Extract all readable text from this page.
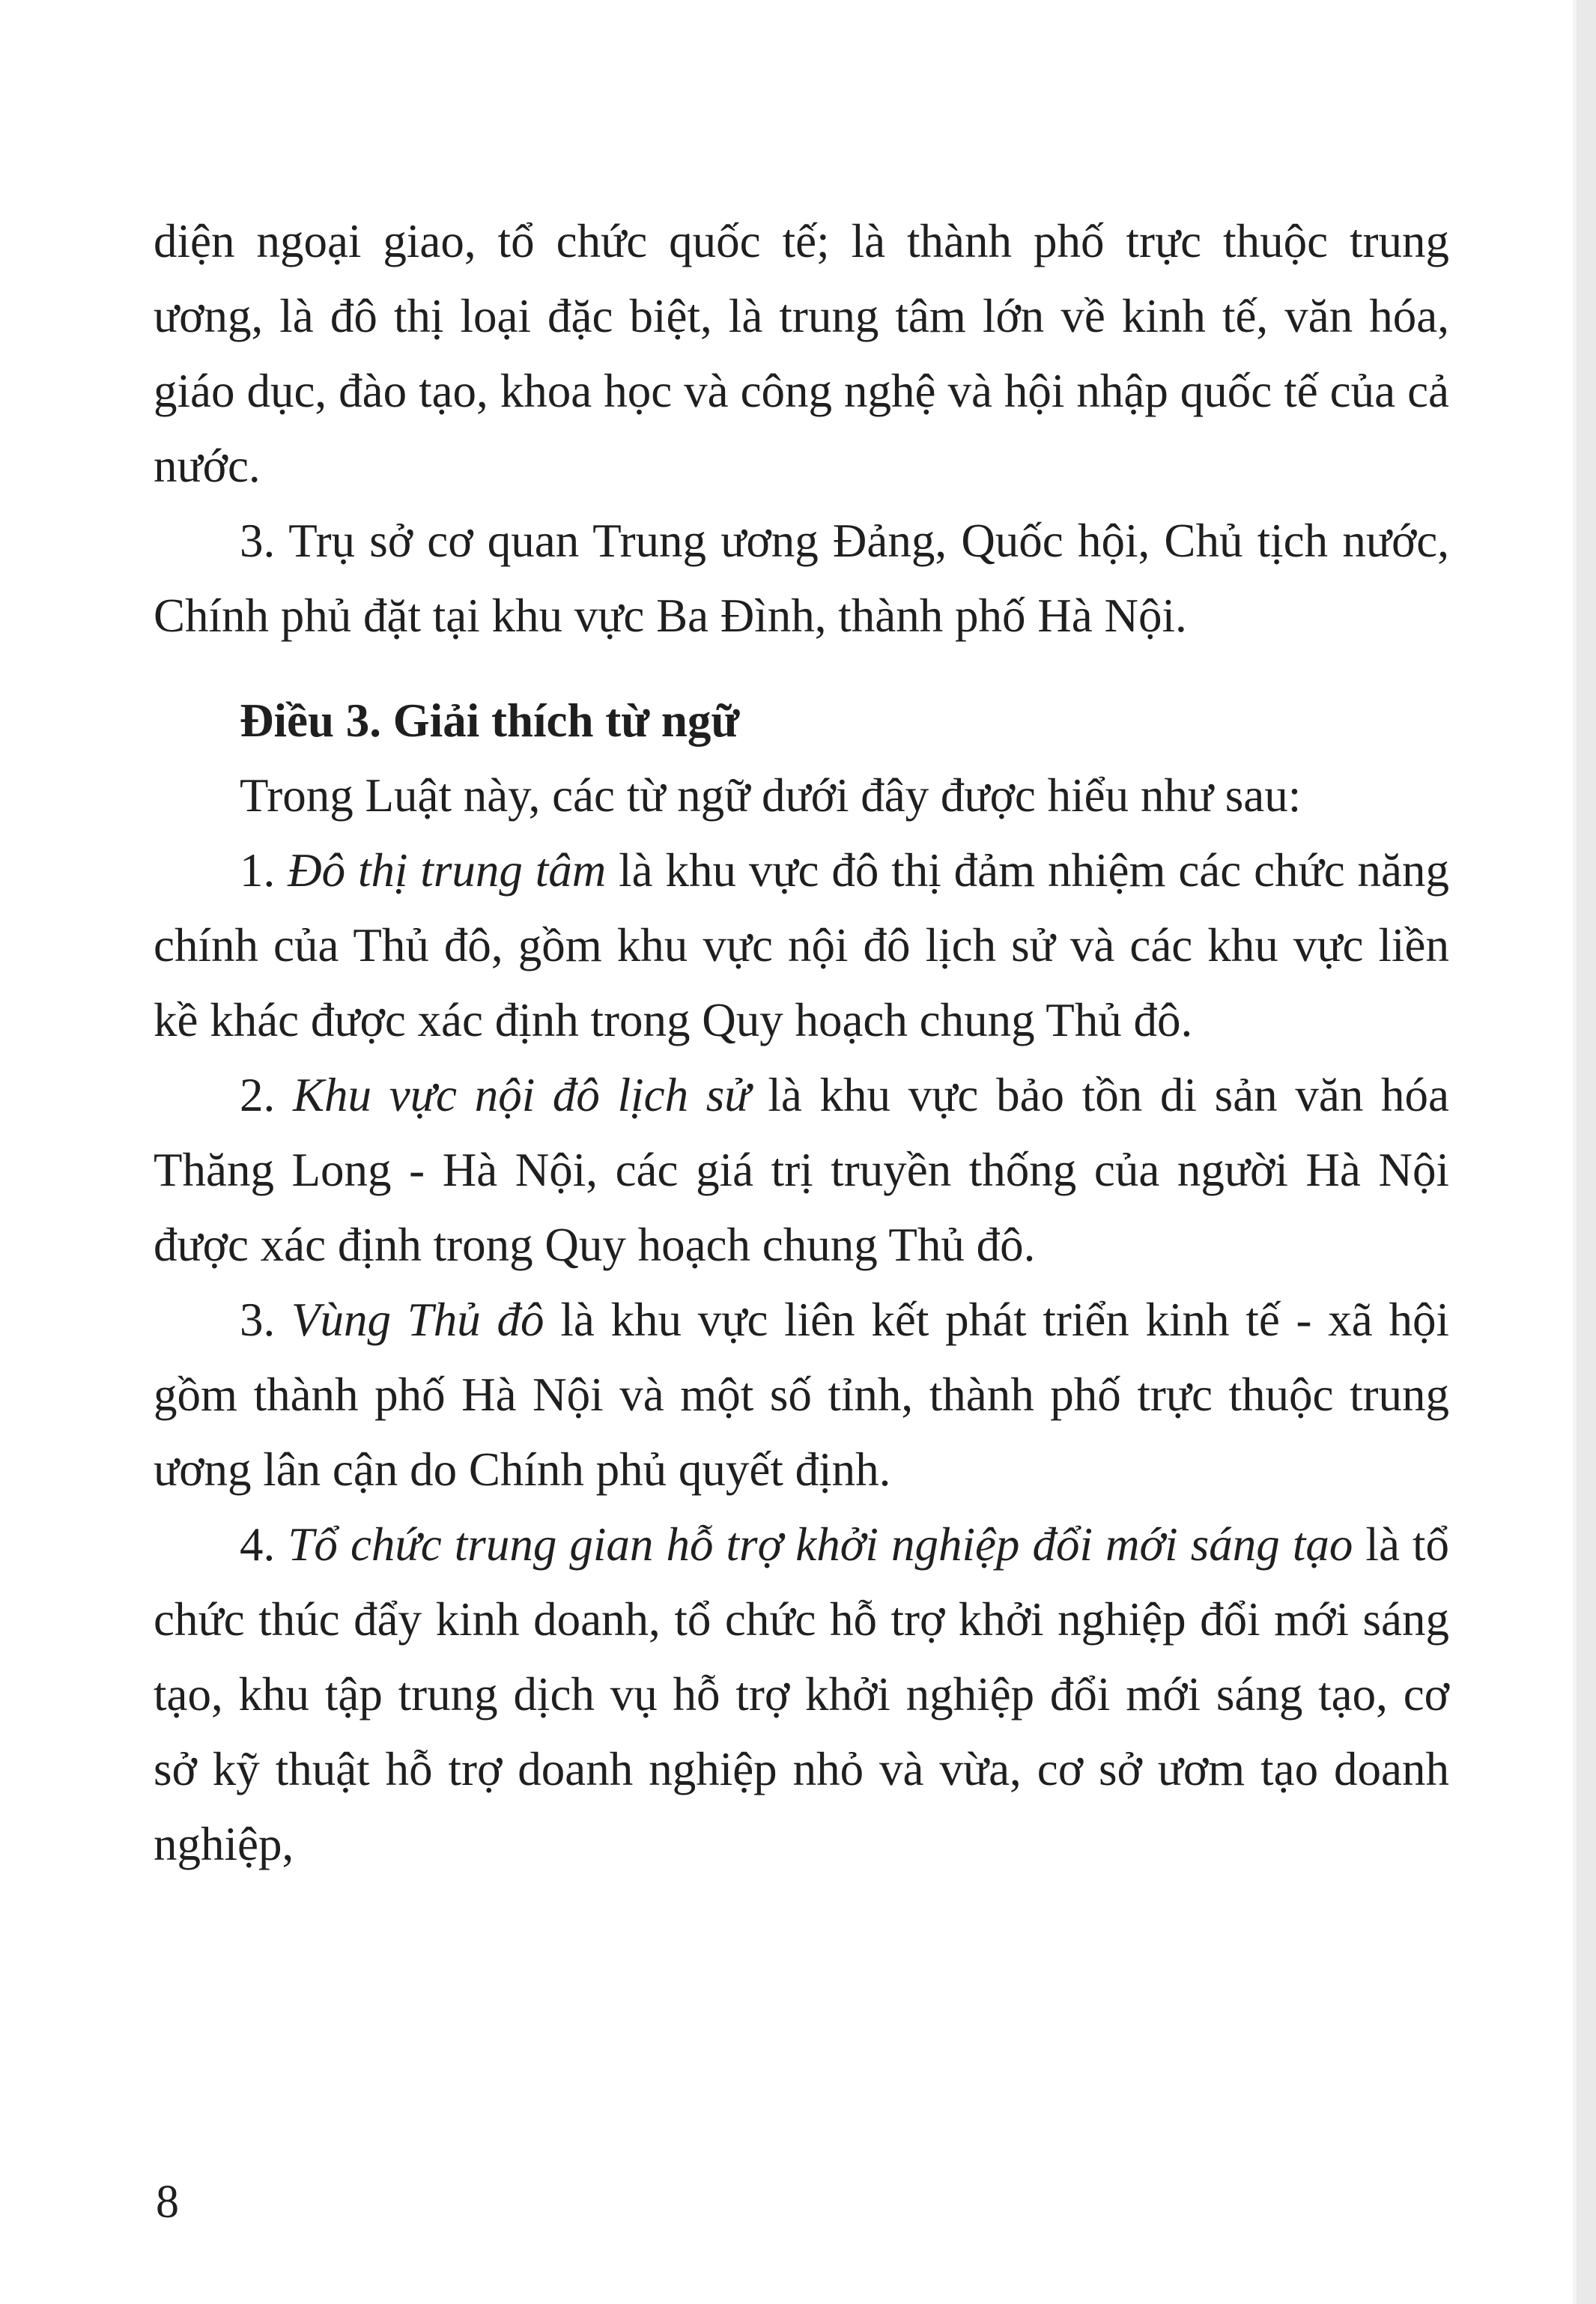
diện ngoại giao, tổ chức quốc tế; là thành phố trực thuộc trung ương, là đô thị loại đặc biệt, là trung tâm lớn về kinh tế, văn hóa, giáo dục, đào tạo, khoa học và công nghệ và hội nhập quốc tế của cả nước.

3. Trụ sở cơ quan Trung ương Đảng, Quốc hội, Chủ tịch nước, Chính phủ đặt tại khu vực Ba Đình, thành phố Hà Nội.

Điều 3. Giải thích từ ngữ

Trong Luật này, các từ ngữ dưới đây được hiểu như sau:

1. Đô thị trung tâm là khu vực đô thị đảm nhiệm các chức năng chính của Thủ đô, gồm khu vực nội đô lịch sử và các khu vực liền kề khác được xác định trong Quy hoạch chung Thủ đô.

2. Khu vực nội đô lịch sử là khu vực bảo tồn di sản văn hóa Thăng Long - Hà Nội, các giá trị truyền thống của người Hà Nội được xác định trong Quy hoạch chung Thủ đô.

3. Vùng Thủ đô là khu vực liên kết phát triển kinh tế - xã hội gồm thành phố Hà Nội và một số tỉnh, thành phố trực thuộc trung ương lân cận do Chính phủ quyết định.

4. Tổ chức trung gian hỗ trợ khởi nghiệp đổi mới sáng tạo là tổ chức thúc đẩy kinh doanh, tổ chức hỗ trợ khởi nghiệp đổi mới sáng tạo, khu tập trung dịch vụ hỗ trợ khởi nghiệp đổi mới sáng tạo, cơ sở kỹ thuật hỗ trợ doanh nghiệp nhỏ và vừa, cơ sở ươm tạo doanh nghiệp,

8
